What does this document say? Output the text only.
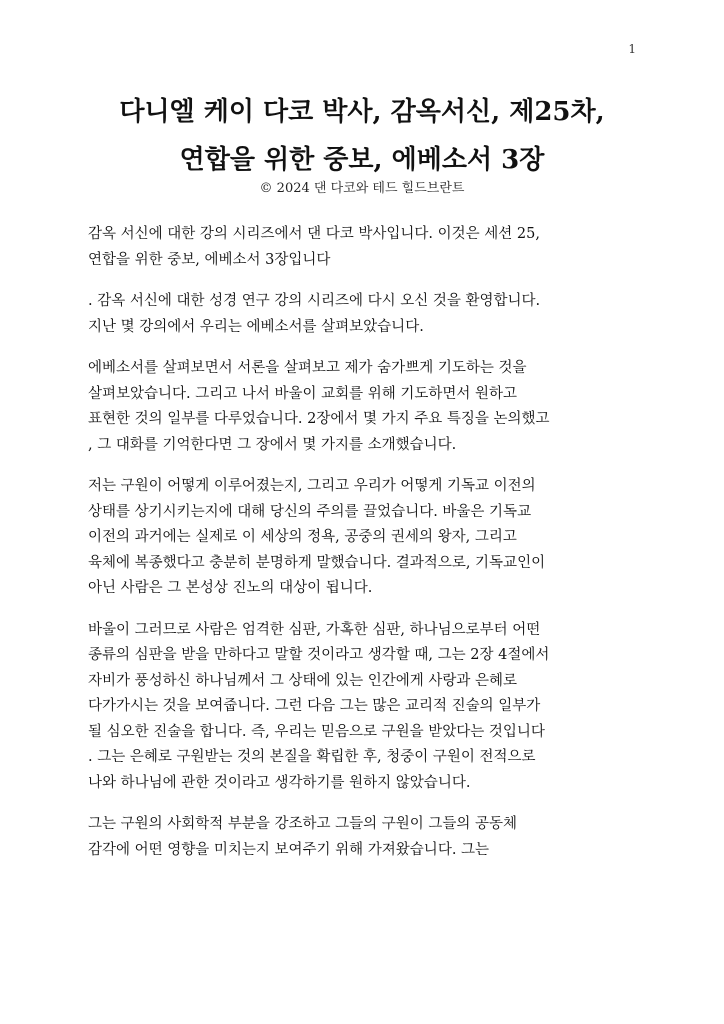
1
다니엘 케이 다코 박사, 감옥서신, 제25차,
연합을 위한 중보, 에베소서 3장
© 2024 댄 다코와 테드 힐드브란트

감옥 서신에 대한 강의 시리즈에서 댄 다코 박사입니다. 이것은 세션 25,
연합을 위한 중보, 에베소서 3장입니다

. 감옥 서신에 대한 성경 연구 강의 시리즈에 다시 오신 것을 환영합니다.
지난 몇 강의에서 우리는 에베소서를 살펴보았습니다.

에베소서를 살펴보면서 서론을 살펴보고 제가 숨가쁘게 기도하는 것을
살펴보았습니다. 그리고 나서 바울이 교회를 위해 기도하면서 원하고
표현한 것의 일부를 다루었습니다. 2장에서 몇 가지 주요 특징을 논의했고
, 그 대화를 기억한다면 그 장에서 몇 가지를 소개했습니다.

저는 구원이 어떻게 이루어졌는지, 그리고 우리가 어떻게 기독교 이전의
상태를 상기시키는지에 대해 당신의 주의를 끌었습니다. 바울은 기독교
이전의 과거에는 실제로 이 세상의 정욕, 공중의 권세의 왕자, 그리고
육체에 복종했다고 충분히 분명하게 말했습니다. 결과적으로, 기독교인이
아닌 사람은 그 본성상 진노의 대상이 됩니다.

바울이 그러므로 사람은 엄격한 심판, 가혹한 심판, 하나님으로부터 어떤
종류의 심판을 받을 만하다고 말할 것이라고 생각할 때, 그는 2장 4절에서
자비가 풍성하신 하나님께서 그 상태에 있는 인간에게 사랑과 은혜로
다가가시는 것을 보여줍니다. 그런 다음 그는 많은 교리적 진술의 일부가
될 심오한 진술을 합니다. 즉, 우리는 믿음으로 구원을 받았다는 것입니다
. 그는 은혜로 구원받는 것의 본질을 확립한 후, 청중이 구원이 전적으로
나와 하나님에 관한 것이라고 생각하기를 원하지 않았습니다.

그는 구원의 사회학적 부분을 강조하고 그들의 구원이 그들의 공동체
감각에 어떤 영향을 미치는지 보여주기 위해 가져왔습니다. 그는
